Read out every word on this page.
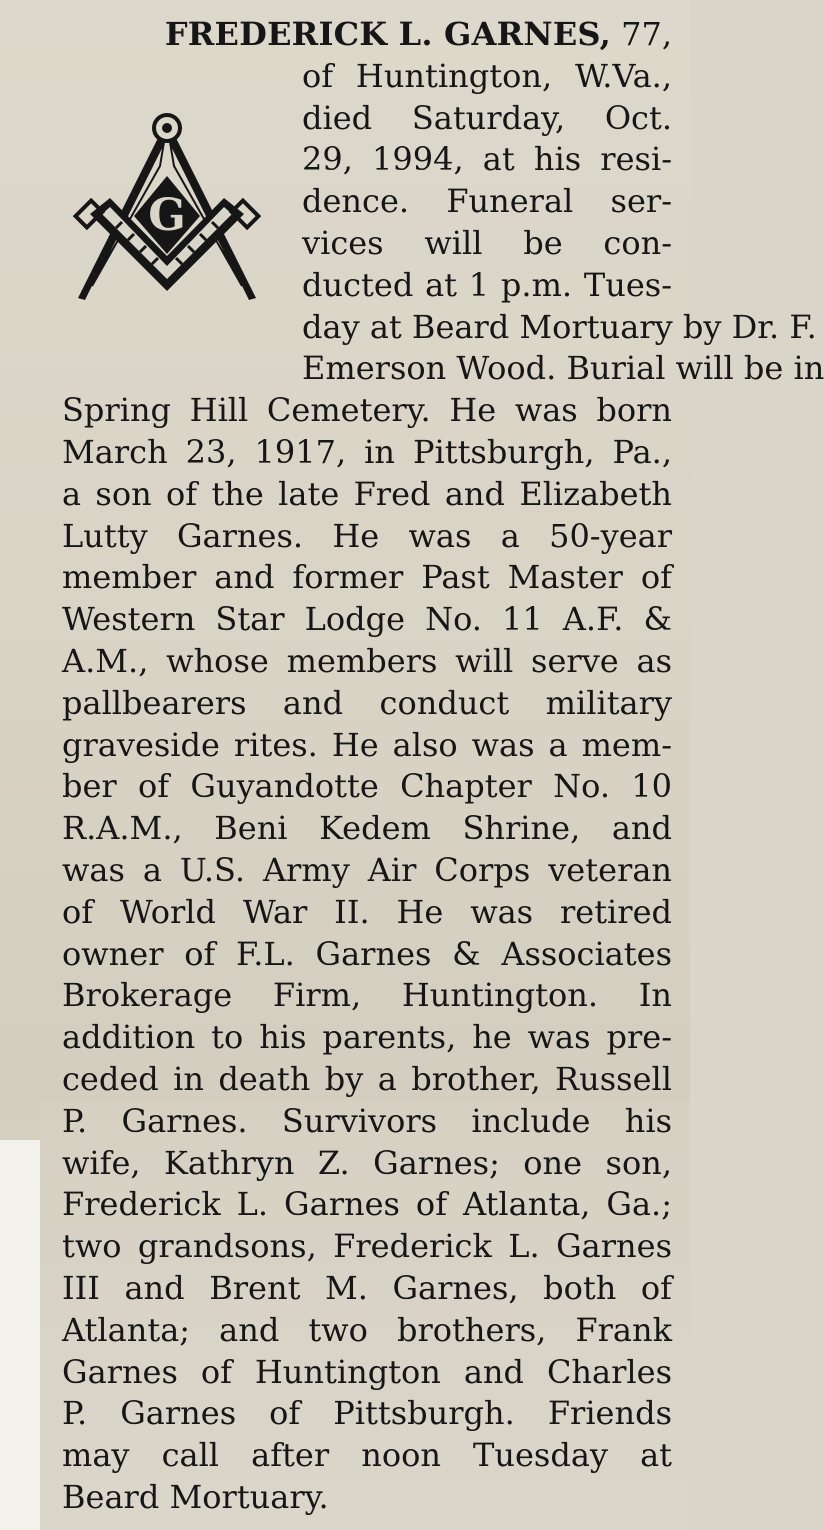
FREDERICK L. GARNES, 77,
G
of Huntington, W.Va.,
died Saturday, Oct.
29, 1994, at his resi-
dence. Funeral ser-
vices will be con-
ducted at 1 p.m. Tues-
day at Beard Mortuary by Dr. F.
Emerson Wood. Burial will be in
Spring Hill Cemetery. He was born
March 23, 1917, in Pittsburgh, Pa.,
a son of the late Fred and Elizabeth
Lutty Garnes. He was a 50-year
member and former Past Master of
Western Star Lodge No. 11 A.F. &
A.M., whose members will serve as
pallbearers and conduct military
graveside rites. He also was a mem-
ber of Guyandotte Chapter No. 10
R.A.M., Beni Kedem Shrine, and
was a U.S. Army Air Corps veteran
of World War II. He was retired
owner of F.L. Garnes & Associates
Brokerage Firm, Huntington. In
addition to his parents, he was pre-
ceded in death by a brother, Russell
P. Garnes. Survivors include his
wife, Kathryn Z. Garnes; one son,
Frederick L. Garnes of Atlanta, Ga.;
two grandsons, Frederick L. Garnes
III and Brent M. Garnes, both of
Atlanta; and two brothers, Frank
Garnes of Huntington and Charles
P. Garnes of Pittsburgh. Friends
may call after noon Tuesday at
Beard Mortuary.
